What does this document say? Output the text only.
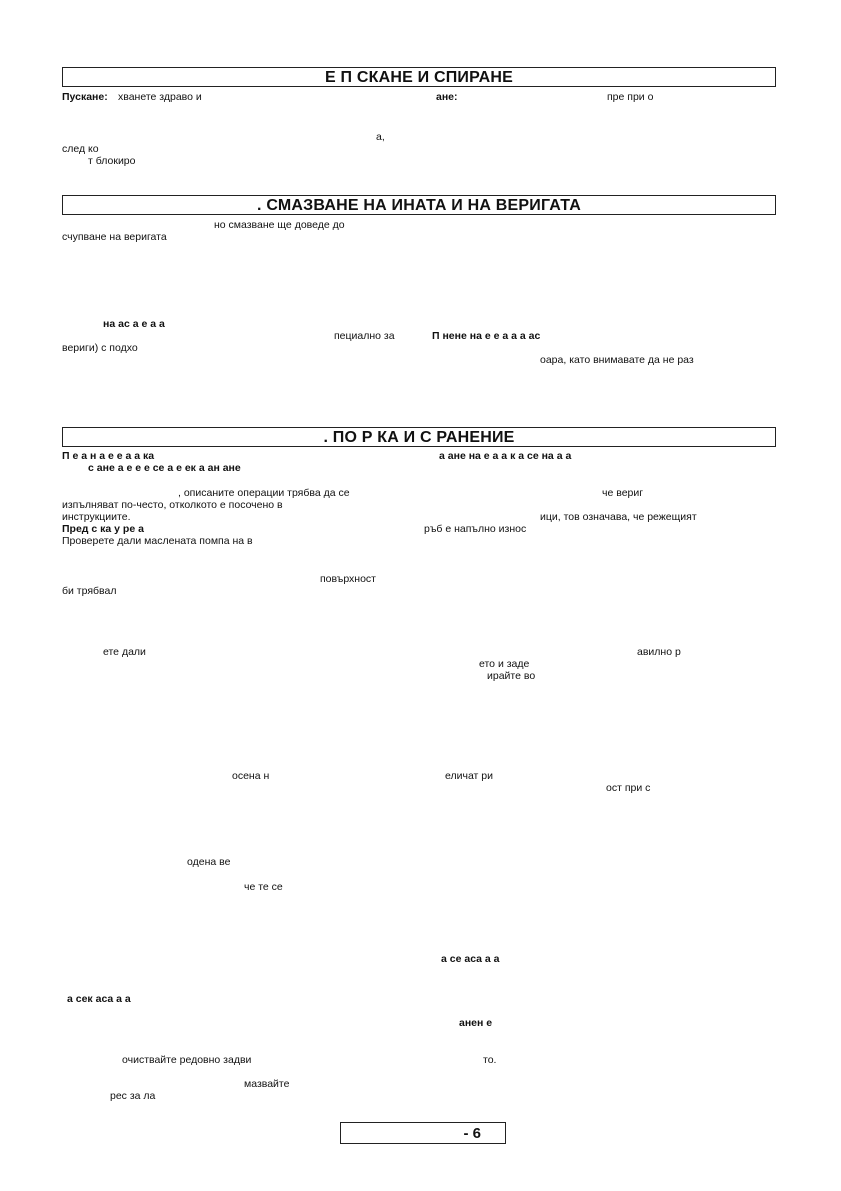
Е П СКАНЕ И СПИРАНЕ
. СМАЗВАНЕ НА ИНАТА И НА ВЕРИГАТА
. ПО Р КА И С РАНЕНИЕ
Пускане: хванете здраво и	ане:	пре при о
а,
след ко
т блокиро
но смазване ще доведе до
счупване на веригата
на ас а е а а
пециално за	П нене на е е а а а ас
вериги) с подхо
оара, като внимавате да не раз
П е а н а е е а а ка	а ане на е а а к а се на а а
с ане а е е е се а е ек а ан ане
, описаните операции трябва да се	че вериг
изпълняват по-често, отколкото е посочено в
инструкциите.	ици, тов означава, че режещият
Пред с ка у ре а	ръб е напълно износ
Проверете дали маслената помпа на в
повърхност
би трябвал
ете дали	авилно р
ето и заде
ирайте во
осена н	еличат ри
ост при с
одена ве
че те се
а се аса а а
а сек аса а а
анен е
очиствайте редовно задви	то.
мазвайте
рес за ла
- 6
